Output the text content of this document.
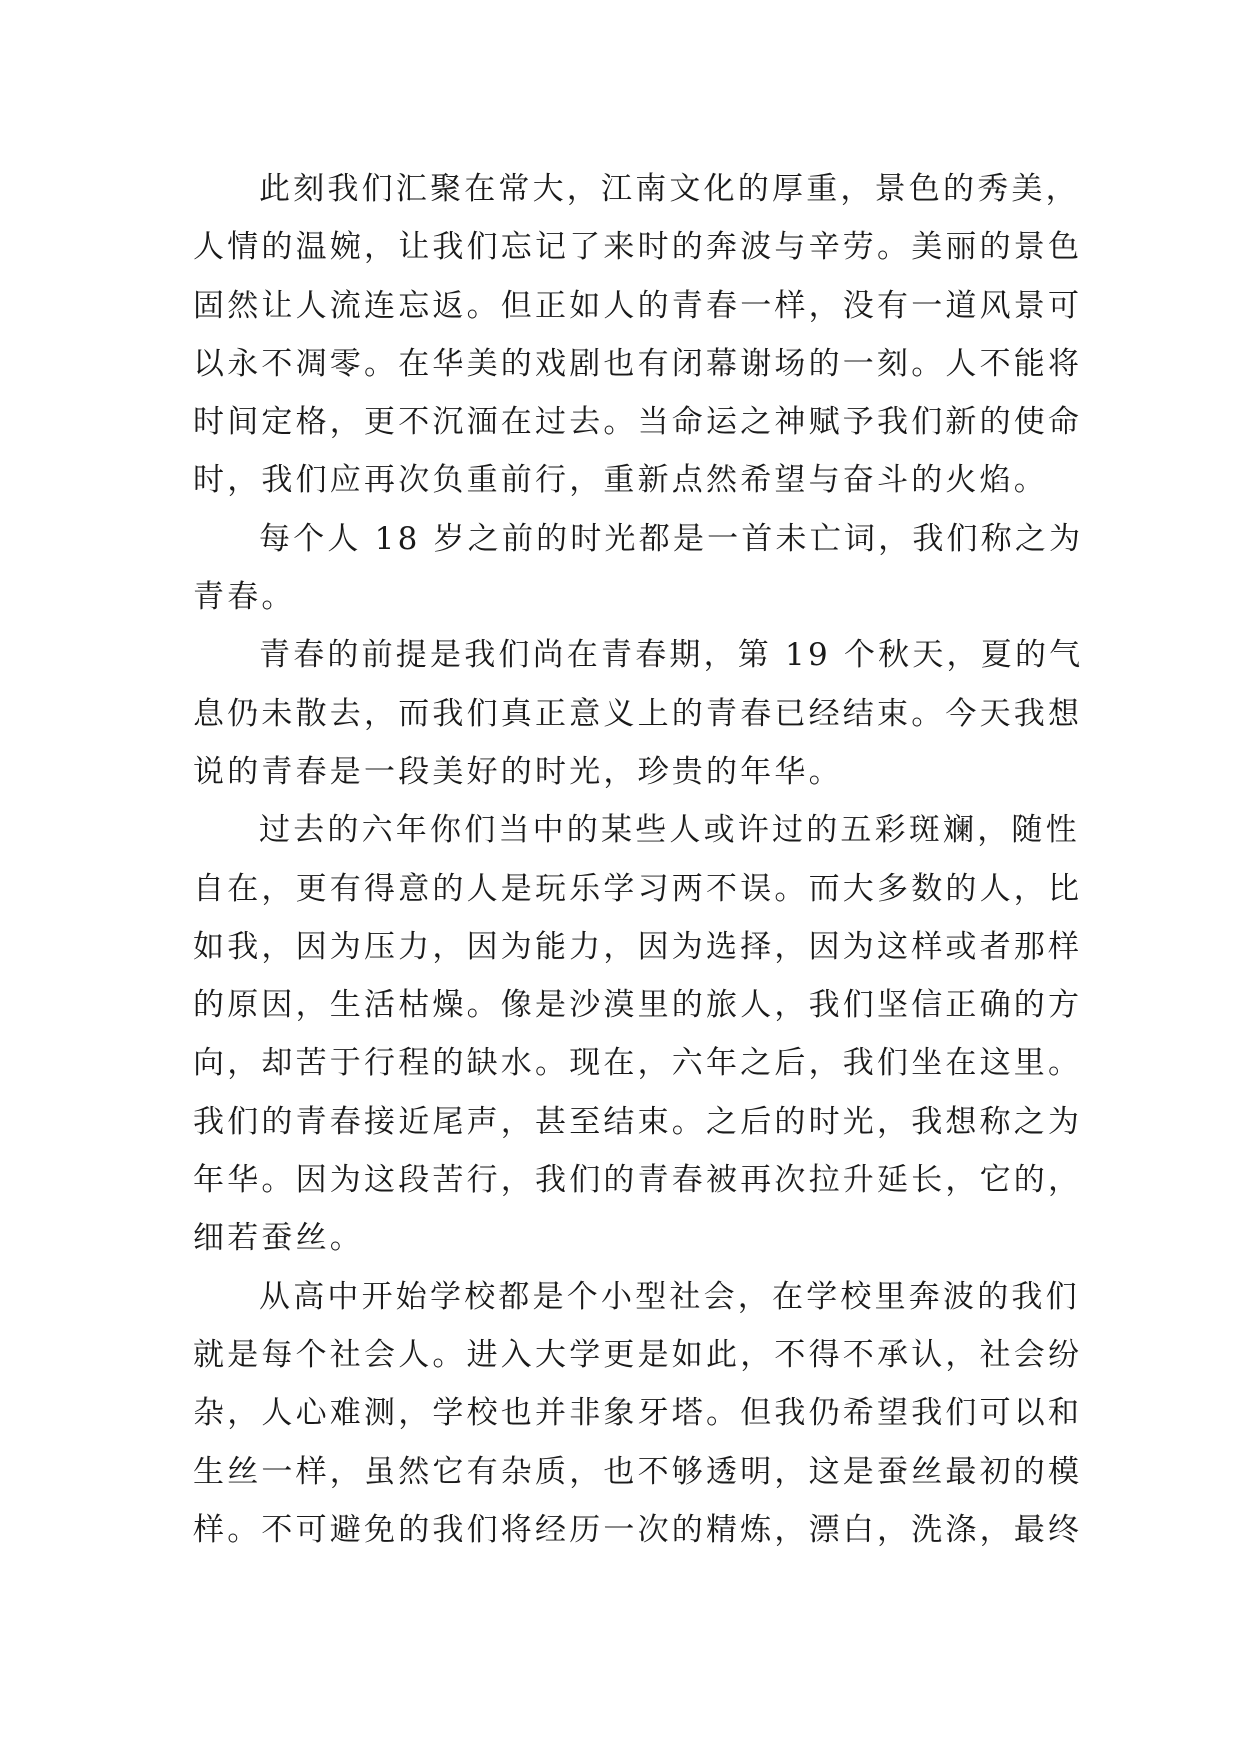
此刻我们汇聚在常大，江南文化的厚重，景色的秀美，
人情的温婉，让我们忘记了来时的奔波与辛劳。美丽的景色
固然让人流连忘返。但正如人的青春一样，没有一道风景可
以永不凋零。在华美的戏剧也有闭幕谢场的一刻。人不能将
时间定格，更不沉湎在过去。当命运之神赋予我们新的使命
时，我们应再次负重前行，重新点然希望与奋斗的火焰。
每个人 18 岁之前的时光都是一首未亡词，我们称之为
青春。
青春的前提是我们尚在青春期，第 19 个秋天，夏的气
息仍未散去，而我们真正意义上的青春已经结束。今天我想
说的青春是一段美好的时光，珍贵的年华。
过去的六年你们当中的某些人或许过的五彩斑斓，随性
自在，更有得意的人是玩乐学习两不误。而大多数的人，比
如我，因为压力，因为能力，因为选择，因为这样或者那样
的原因，生活枯燥。像是沙漠里的旅人，我们坚信正确的方
向，却苦于行程的缺水。现在，六年之后，我们坐在这里。
我们的青春接近尾声，甚至结束。之后的时光，我想称之为
年华。因为这段苦行，我们的青春被再次拉升延长，它的，
细若蚕丝。
从高中开始学校都是个小型社会，在学校里奔波的我们
就是每个社会人。进入大学更是如此，不得不承认，社会纷
杂，人心难测，学校也并非象牙塔。但我仍希望我们可以和
生丝一样，虽然它有杂质，也不够透明，这是蚕丝最初的模
样。不可避免的我们将经历一次的精炼，漂白，洗涤，最终
